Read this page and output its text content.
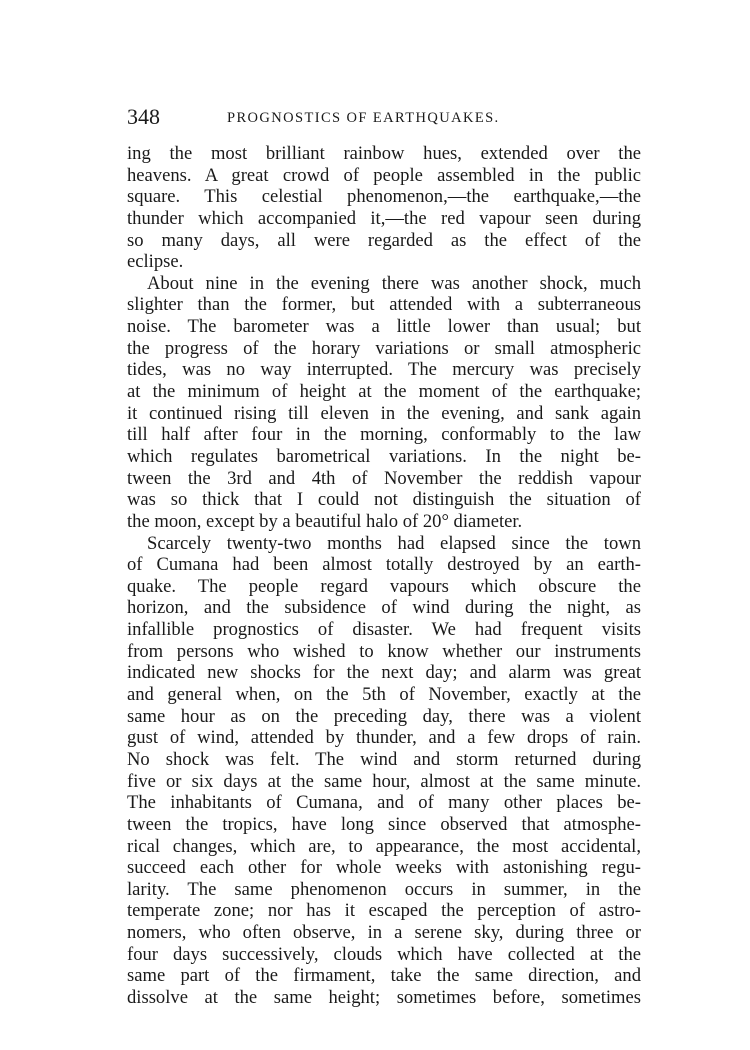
348	PROGNOSTICS OF EARTHQUAKES.
ing the most brilliant rainbow hues, extended over the
heavens. A great crowd of people assembled in the public
square. This celestial phenomenon,—the earthquake,—the
thunder which accompanied it,—the red vapour seen during
so many days, all were regarded as the effect of the
eclipse.
About nine in the evening there was another shock, much
slighter than the former, but attended with a subterraneous
noise. The barometer was a little lower than usual; but
the progress of the horary variations or small atmospheric
tides, was no way interrupted. The mercury was precisely
at the minimum of height at the moment of the earthquake;
it continued rising till eleven in the evening, and sank again
till half after four in the morning, conformably to the law
which regulates barometrical variations. In the night be-
tween the 3rd and 4th of November the reddish vapour
was so thick that I could not distinguish the situation of
the moon, except by a beautiful halo of 20° diameter.
Scarcely twenty-two months had elapsed since the town
of Cumana had been almost totally destroyed by an earth-
quake. The people regard vapours which obscure the
horizon, and the subsidence of wind during the night, as
infallible prognostics of disaster. We had frequent visits
from persons who wished to know whether our instruments
indicated new shocks for the next day; and alarm was great
and general when, on the 5th of November, exactly at the
same hour as on the preceding day, there was a violent
gust of wind, attended by thunder, and a few drops of rain.
No shock was felt. The wind and storm returned during
five or six days at the same hour, almost at the same minute.
The inhabitants of Cumana, and of many other places be-
tween the tropics, have long since observed that atmosphe-
rical changes, which are, to appearance, the most accidental,
succeed each other for whole weeks with astonishing regu-
larity. The same phenomenon occurs in summer, in the
temperate zone; nor has it escaped the perception of astro-
nomers, who often observe, in a serene sky, during three or
four days successively, clouds which have collected at the
same part of the firmament, take the same direction, and
dissolve at the same height; sometimes before, sometimes
